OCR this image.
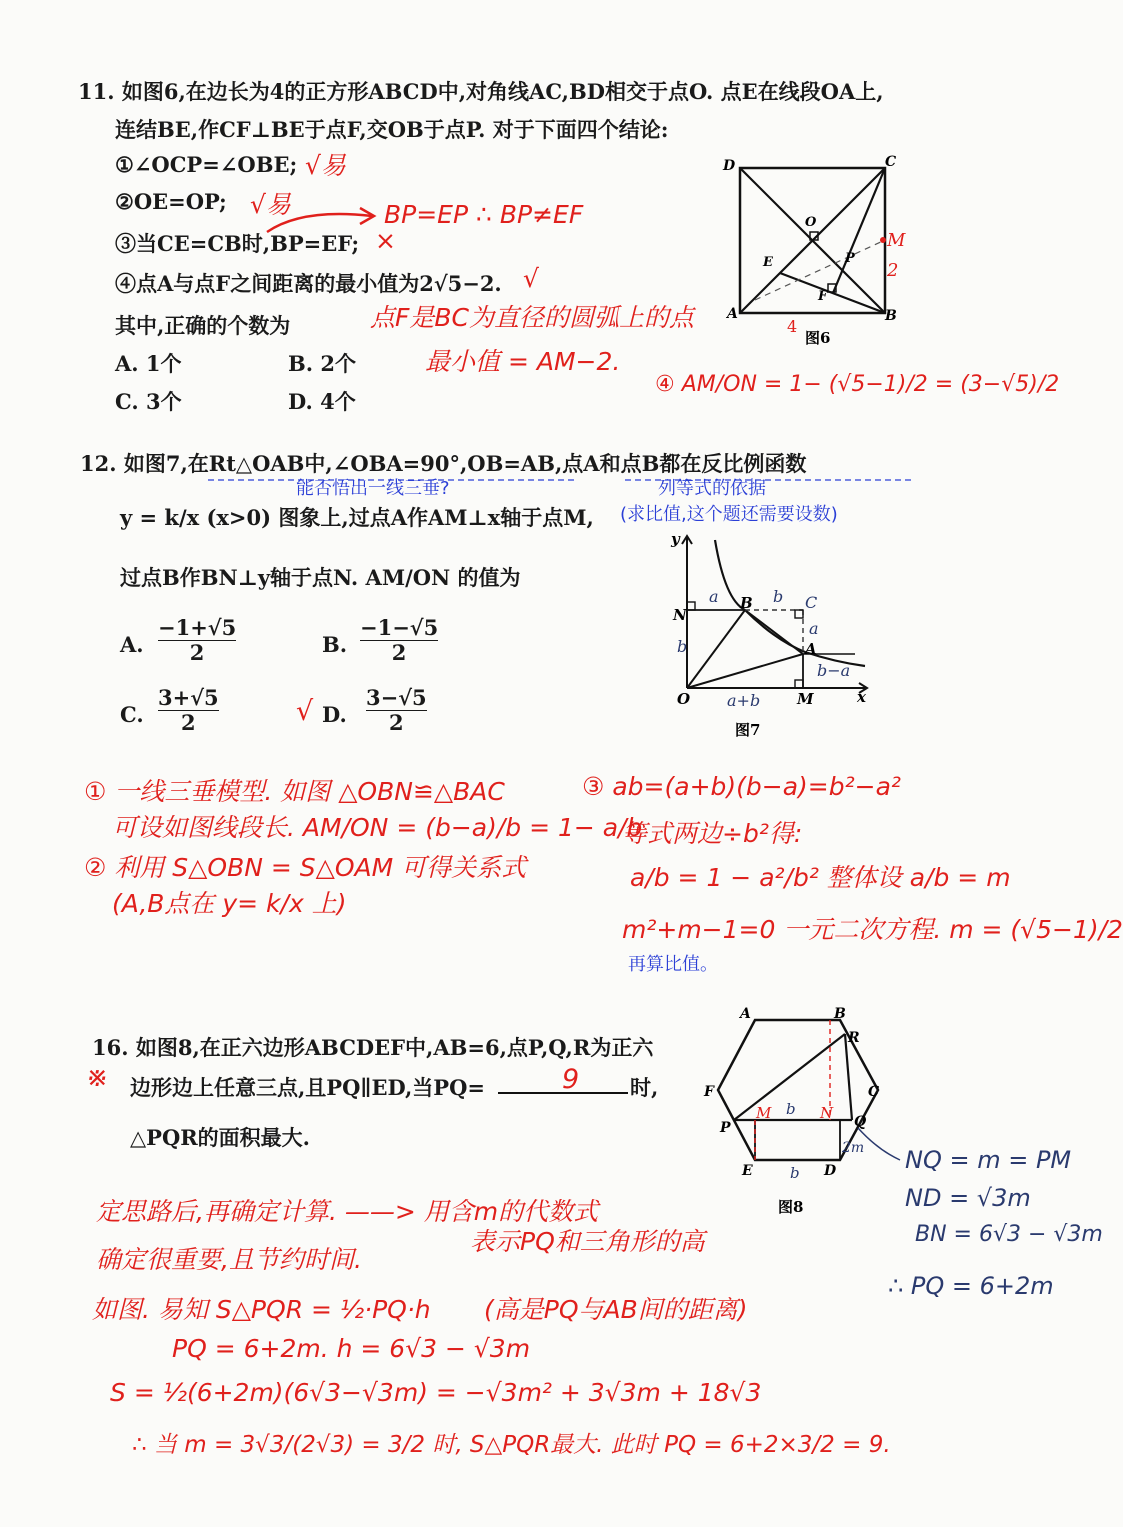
11. 如图6,在边长为4的正方形ABCD中,对角线AC,BD相交于点O. 点E在线段OA上,
连结BE,作CF⊥BE于点F,交OB于点P. 对于下面四个结论:
①∠OCP=∠OBE; √易
②OE=OP; √易	BP=EP ∴ BP≠EF
③当CE=CB时,BP=EF; ×
④点A与点F之间距离的最小值为2√5−2. √
其中,正确的个数为	点F是BC为直径的圆弧上的点
最小值 = AM−2.
A. 1个	B. 2个
C. 3个	D. 4个
④ AM/ON = 1− (√5−1)/2 = (3−√5)/2
D	C
A	B
O
E	P
F
M
2
4
图6
12. 如图7,在Rt△OAB中,∠OBA=90°,OB=AB,点A和点B都在反比例函数
能否悟出一线三垂?	列等式的依据
(求比值,这个题还需要设数)
y = k/x (x>0) 图象上,过点A作AM⊥x轴于点M,
过点B作BN⊥y轴于点N. AM/ON 的值为
A. $\frac{-1+√5}{2}$	B. $\frac{-1-√5}{2}$
C. $\frac{3+√5}{2}$	√ D. $\frac{3-√5}{2}$
y
x
O
N
B
A
M
C
a
b
b
a
b−a
a+b
图7
① 一线三垂模型. 如图 △OBN≌△BAC
可设如图线段长. AM/ON = (b−a)/b = 1− a/b
② 利用 S△OBN = S△OAM 可得关系式
(A,B点在 y= k/x 上)
③ ab=(a+b)(b−a)=b²−a²
等式两边÷b²得:
a/b = 1 − a²/b² 整体设 a/b = m
m²+m−1=0 一元二次方程. m = (√5−1)/2
再算比值。
16. 如图8,在正六边形ABCDEF中,AB=6,点P,Q,R为正六
※ 边形边上任意三点,且PQ∥ED,当PQ=	9 时,
△PQR的面积最大.
A	B
R
C
D
E
F
P	Q
M	N
b
b
2m
图8
NQ = m = PM
ND = √3m
BN = 6√3 − √3m
∴ PQ = 6+2m
定思路后,再确定计算. ——> 用含m的代数式
表示PQ和三角形的高
确定很重要,且节约时间.
如图. 易知 S△PQR = ½·PQ·h (高是PQ与AB间的距离)
PQ = 6+2m. h = 6√3 − √3m
S = ½(6+2m)(6√3−√3m) = −√3m² + 3√3m + 18√3
∴ 当 m = 3√3/(2√3) = 3/2 时, S△PQR最大. 此时 PQ = 6+2×3/2 = 9.
